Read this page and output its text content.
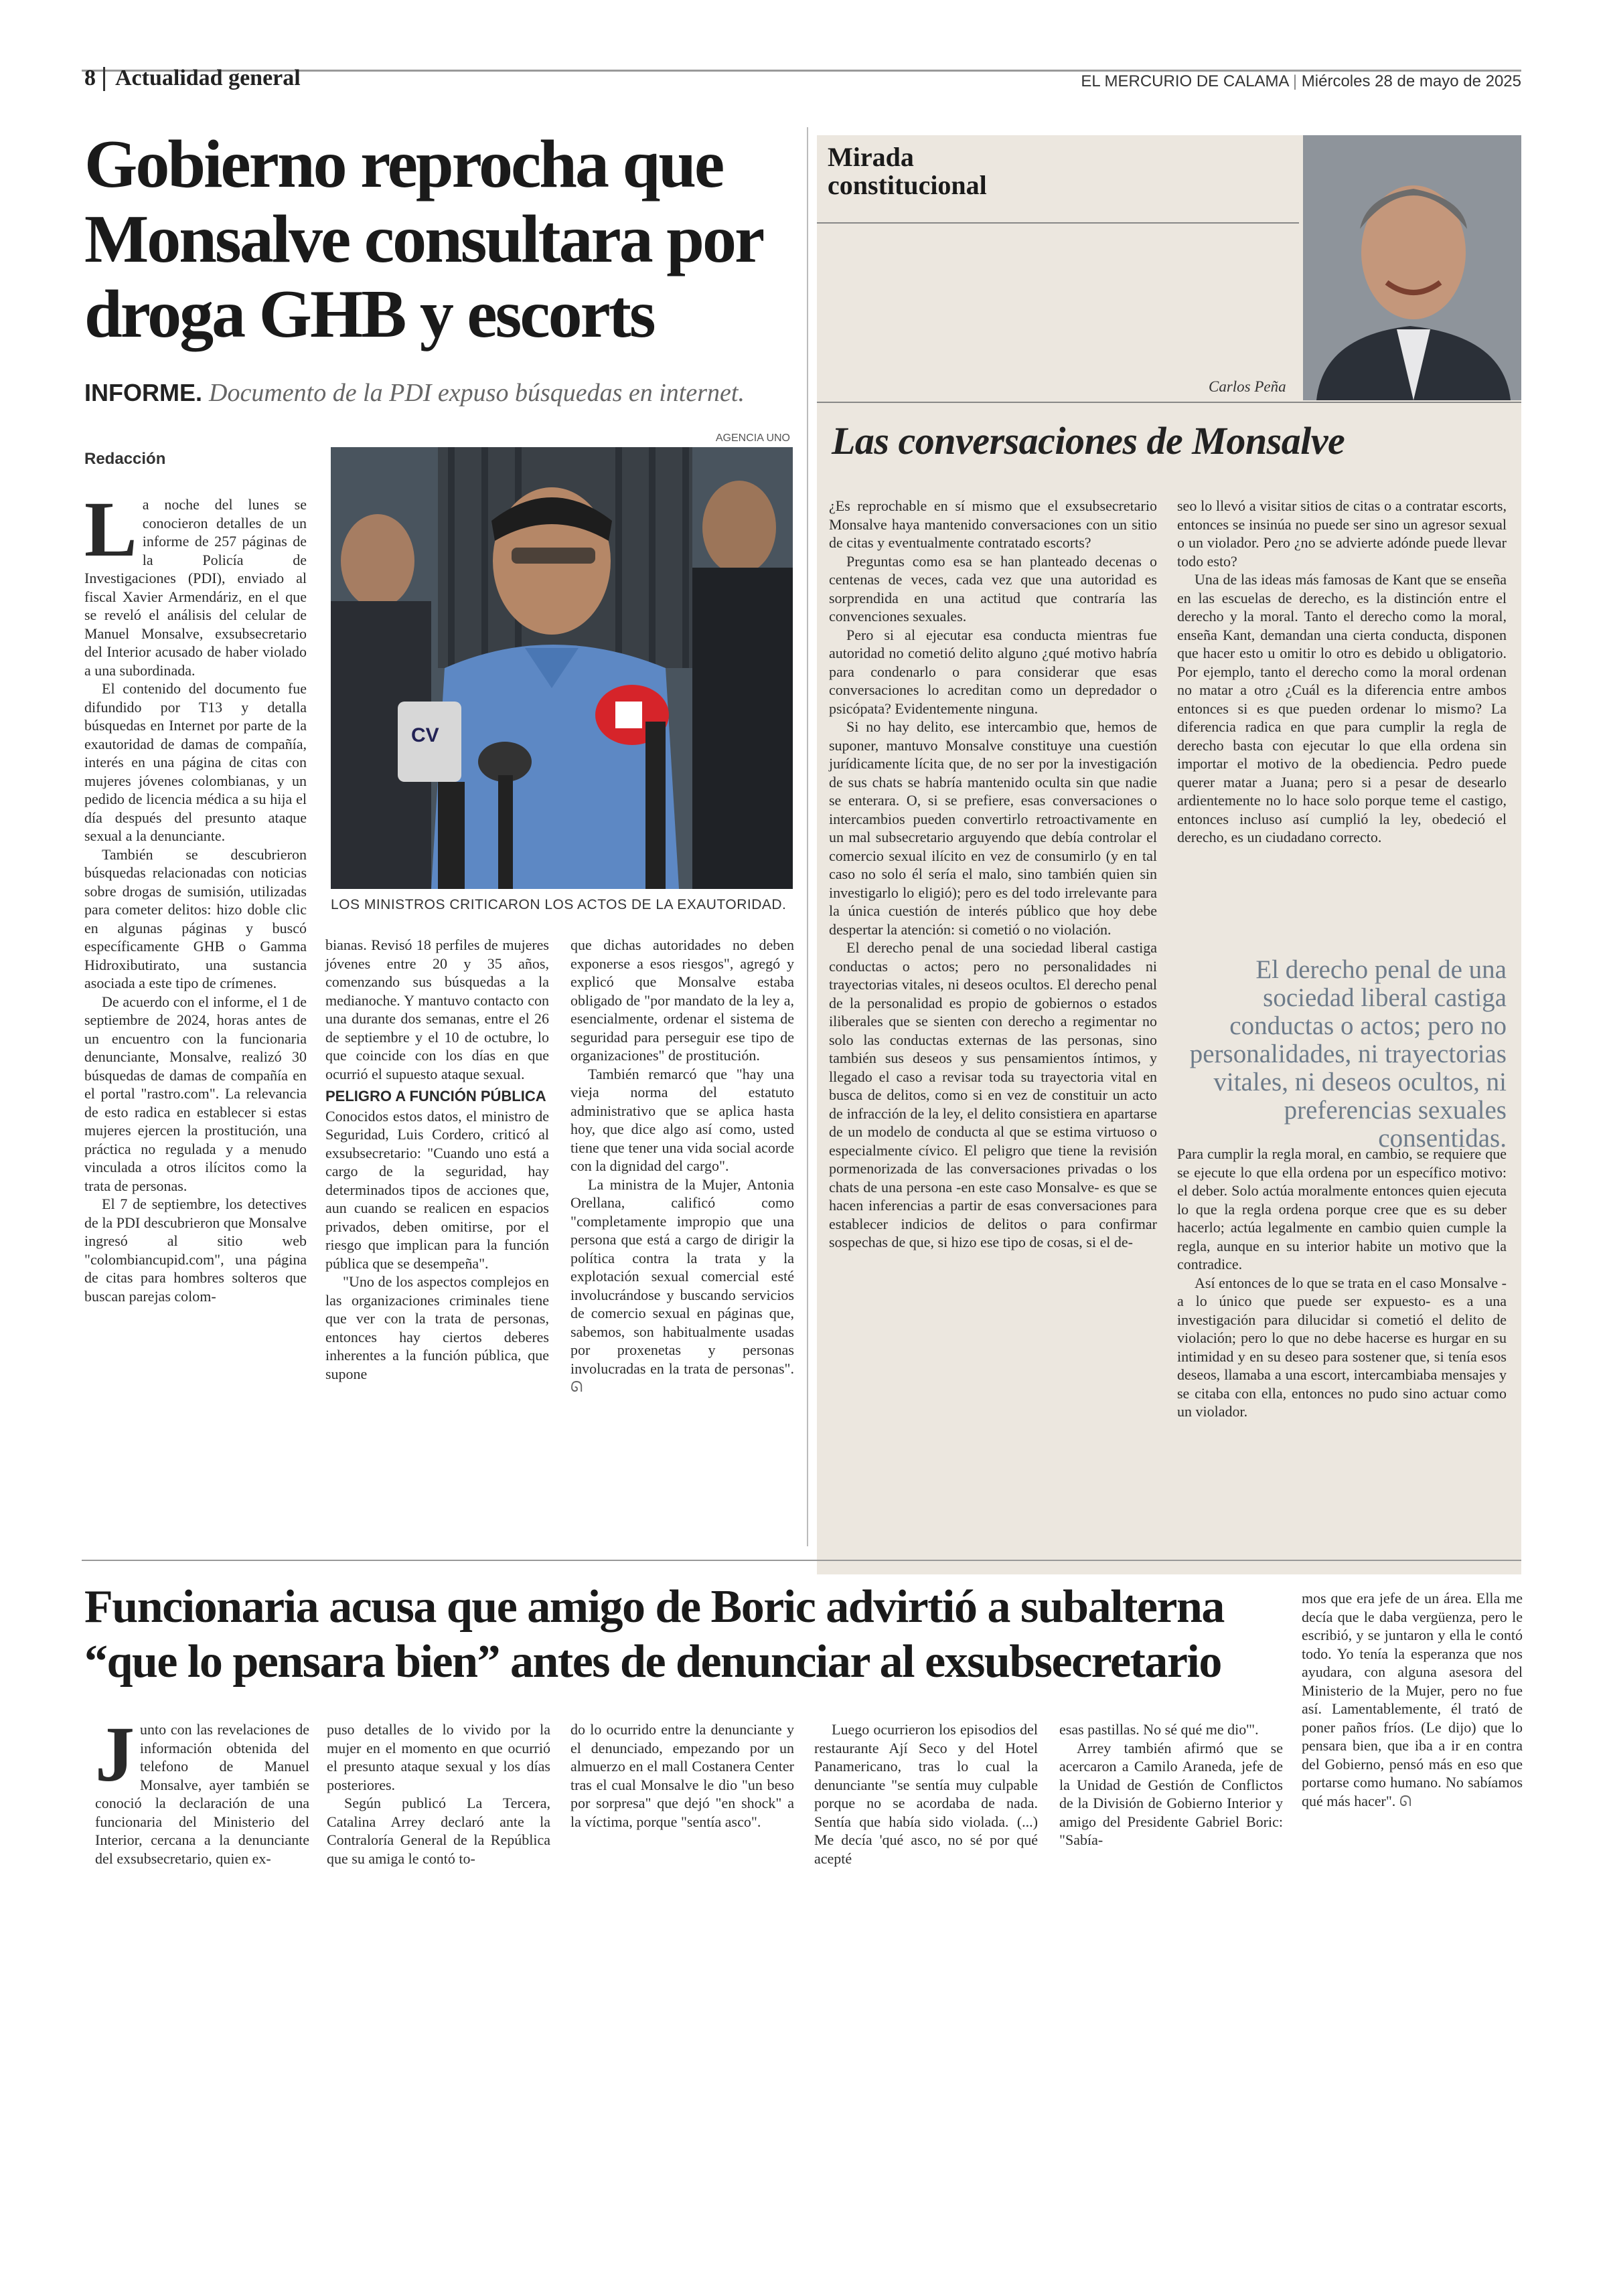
8 Actualidad general	EL MERCURIO DE CALAMA | Miércoles 28 de mayo de 2025
Gobierno reprocha que Monsalve consultara por droga GHB y escorts
INFORME. Documento de la PDI expuso búsquedas en internet.
Redacción
AGENCIA UNO
CV
LOS MINISTROS CRITICARON LOS ACTOS DE LA EXAUTORIDAD.

La noche del lunes se conocieron detalles de un informe de 257 páginas de la Policía de Investigaciones (PDI), enviado al fiscal Xavier Armendáriz, en el que se reveló el análisis del celular de Manuel Monsalve, exsubsecretario del Interior acusado de haber violado a una subordinada.

El contenido del documento fue difundido por T13 y detalla búsquedas en Internet por parte de la exautoridad de damas de compañía, interés en una página de citas con mujeres jóvenes colombianas, y un pedido de licencia médica a su hija el día después del presunto ataque sexual a la denunciante.

También se descubrieron búsquedas relacionadas con noticias sobre drogas de sumisión, utilizadas para cometer delitos: hizo doble clic en algunas páginas y buscó específicamente GHB o Gamma Hidroxibutirato, una sustancia asociada a este tipo de crímenes.

De acuerdo con el informe, el 1 de septiembre de 2024, horas antes de un encuentro con la funcionaria denunciante, Monsalve, realizó 30 búsquedas de damas de compañía en el portal "rastro.com". La relevancia de esto radica en establecer si estas mujeres ejercen la prostitución, una práctica no regulada y a menudo vinculada a otros ilícitos como la trata de personas.

El 7 de septiembre, los detectives de la PDI descubrieron que Monsalve ingresó al sitio web "colombiancupid.com", una página de citas para hombres solteros que buscan parejas colom-

bianas. Revisó 18 perfiles de mujeres jóvenes entre 20 y 35 años, comenzando sus búsquedas a la medianoche. Y mantuvo contacto con una durante dos semanas, entre el 26 de septiembre y el 10 de octubre, lo que coincide con los días en que ocurrió el supuesto ataque sexual.

PELIGRO A FUNCIÓN PÚBLICA

Conocidos estos datos, el ministro de Seguridad, Luis Cordero, criticó al exsubsecretario: "Cuando uno está a cargo de la seguridad, hay determinados tipos de acciones que, aun cuando se realicen en espacios privados, deben omitirse, por el riesgo que implican para la función pública que se desempeña".

"Uno de los aspectos complejos en las organizaciones criminales tiene que ver con la trata de personas, entonces hay ciertos deberes inherentes a la función pública, que supone

que dichas autoridades no deben exponerse a esos riesgos", agregó y explicó que Monsalve estaba obligado de "por mandato de la ley a, esencialmente, ordenar el sistema de seguridad para perseguir ese tipo de organizaciones" de prostitución.

También remarcó que "hay una vieja norma del estatuto administrativo que se aplica hasta hoy, que dice algo así como, usted tiene que tener una vida social acorde con la dignidad del cargo".

La ministra de la Mujer, Antonia Orellana, calificó como "completamente impropio que una persona que está a cargo de dirigir la política contra la trata y la explotación sexual comercial esté involucrándose y buscando servicios de comercio sexual en páginas que, sabemos, son habitualmente usadas por proxenetas y personas involucradas en la trata de personas". ᘏ

Mirada constitucional
Carlos Peña
Las conversaciones de Monsalve

¿Es reprochable en sí mismo que el exsubsecretario Monsalve haya mantenido conversaciones con un sitio de citas y eventualmente contratado escorts?

Preguntas como esa se han planteado decenas o centenas de veces, cada vez que una autoridad es sorprendida en una actitud que contraría las convenciones sexuales.

Pero si al ejecutar esa conducta mientras fue autoridad no cometió delito alguno ¿qué motivo habría para condenarlo o para considerar que esas conversaciones lo acreditan como un depredador o psicópata? Evidentemente ninguna.

Si no hay delito, ese intercambio que, hemos de suponer, mantuvo Monsalve constituye una cuestión jurídicamente lícita que, de no ser por la investigación de sus chats se habría mantenido oculta sin que nadie se enterara. O, si se prefiere, esas conversaciones o intercambios pueden convertirlo retroactivamente en un mal subsecretario arguyendo que debía controlar el comercio sexual ilícito en vez de consumirlo (y en tal caso no solo él sería el malo, sino también quien sin investigarlo lo eligió); pero es del todo irrelevante para la única cuestión de interés público que hoy debe despertar la atención: si cometió o no violación.

El derecho penal de una sociedad liberal castiga conductas o actos; pero no personalidades ni trayectorias vitales, ni deseos ocultos. El derecho penal de la personalidad es propio de gobiernos o estados iliberales que se sienten con derecho a regimentar no solo las conductas externas de las personas, sino también sus deseos y sus pensamientos íntimos, y llegado el caso a revisar toda su trayectoria vital en busca de delitos, como si en vez de constituir un acto de infracción de la ley, el delito consistiera en apartarse de un modelo de conducta al que se estima virtuoso o especialmente cívico. El peligro que tiene la revisión pormenorizada de las conversaciones privadas o los chats de una persona -en este caso Monsalve- es que se hacen inferencias a partir de esas conversaciones para establecer indicios de delitos o para confirmar sospechas de que, si hizo ese tipo de cosas, si el de-

seo lo llevó a visitar sitios de citas o a contratar escorts, entonces se insinúa no puede ser sino un agresor sexual o un violador. Pero ¿no se advierte adónde puede llevar todo esto?

Una de las ideas más famosas de Kant que se enseña en las escuelas de derecho, es la distinción entre el derecho y la moral. Tanto el derecho como la moral, enseña Kant, demandan una cierta conducta, disponen que hacer esto u omitir lo otro es debido u obligatorio. Por ejemplo, tanto el derecho como la moral ordenan no matar a otro ¿Cuál es la diferencia entre ambos entonces si es que pueden ordenar lo mismo? La diferencia radica en que para cumplir la regla de derecho basta con ejecutar lo que ella ordena sin importar el motivo de la obediencia. Pedro puede querer matar a Juana; pero si a pesar de desearlo ardientemente no lo hace solo porque teme el castigo, entonces incluso así cumplió la ley, obedeció el derecho, es un ciudadano correcto.

El derecho penal de una sociedad liberal castiga conductas o actos; pero no personalidades, ni trayectorias vitales, ni deseos ocultos, ni preferencias sexuales consentidas.

Para cumplir la regla moral, en cambio, se requiere que se ejecute lo que ella ordena por un específico motivo: el deber. Solo actúa moralmente entonces quien ejecuta lo que la regla ordena porque cree que es su deber hacerlo; actúa legalmente en cambio quien cumple la regla, aunque en su interior habite un motivo que la contradice.

Así entonces de lo que se trata en el caso Monsalve -a lo único que puede ser expuesto- es a una investigación para dilucidar si cometió el delito de violación; pero lo que no debe hacerse es hurgar en su intimidad y en su deseo para sostener que, si tenía esos deseos, llamaba a una escort, intercambiaba mensajes y se citaba con ella, entonces no pudo sino actuar como un violador.

Funcionaria acusa que amigo de Boric advirtió a subalterna “que lo pensara bien” antes de denunciar al exsubsecretario

Junto con las revelaciones de información obtenida del telefono de Manuel Monsalve, ayer también se conoció la declaración de una funcionaria del Ministerio del Interior, cercana a la denunciante del exsubsecretario, quien ex-

puso detalles de lo vivido por la mujer en el momento en que ocurrió el presunto ataque sexual y los días posteriores.

Según publicó La Tercera, Catalina Arrey declaró ante la Contraloría General de la República que su amiga le contó to-

do lo ocurrido entre la denunciante y el denunciado, empezando por un almuerzo en el mall Costanera Center tras el cual Monsalve le dio "un beso por sorpresa" que dejó "en shock" a la víctima, porque "sentía asco".

Luego ocurrieron los episodios del restaurante Ají Seco y del Hotel Panamericano, tras lo cual la denunciante "se sentía muy culpable porque no se acordaba de nada. Sentía que había sido violada. (...) Me decía 'qué asco, no sé por qué acepté

esas pastillas. No sé qué me dio'".

Arrey también afirmó que se acercaron a Camilo Araneda, jefe de la Unidad de Gestión de Conflictos de la División de Gobierno Interior y amigo del Presidente Gabriel Boric: "Sabía-

mos que era jefe de un área. Ella me decía que le daba vergüenza, pero le escribió, y se juntaron y ella le contó todo. Yo tenía la esperanza que nos ayudara, con alguna asesora del Ministerio de la Mujer, pero no fue así. Lamentablemente, él trató de poner paños fríos. (Le dijo) que lo pensara bien, que iba a ir en contra del Gobierno, pensó más en eso que portarse como humano. No sabíamos qué más hacer". ᘏ
